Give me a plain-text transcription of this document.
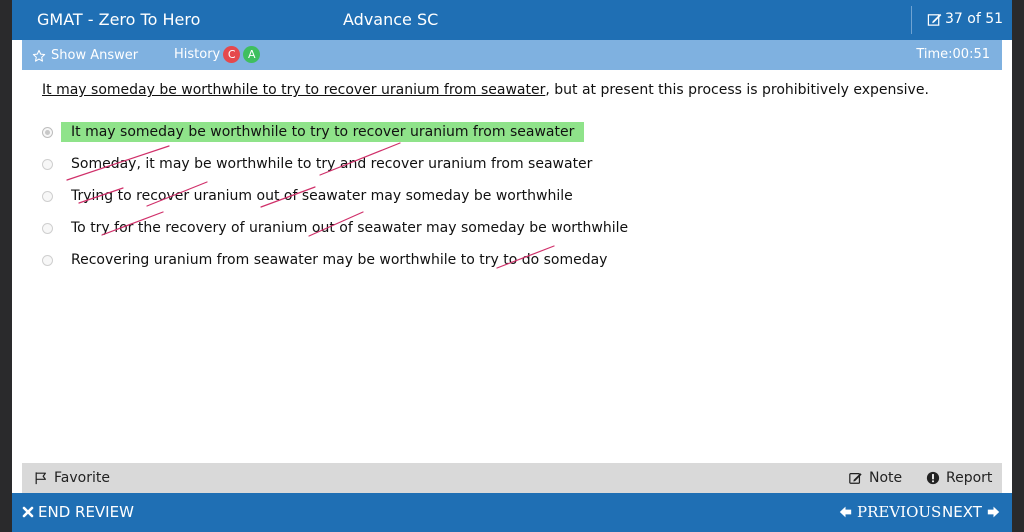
GMAT - Zero To Hero	Advance SC	37 of 51
Show Answer	History C	A	Time:00:51
It may someday be worthwhile to try to recover uranium from seawater, but at present this process is prohibitively expensive.
It may someday be worthwhile to try to recover uranium from seawater
Someday, it may be worthwhile to try and recover uranium from seawater
Trying to recover uranium out of seawater may someday be worthwhile
To try for the recovery of uranium out of seawater may someday be worthwhile
Recovering uranium from seawater may be worthwhile to try to do someday
Favorite	Note	Report
END REVIEW	PREVIOUS NEXT
